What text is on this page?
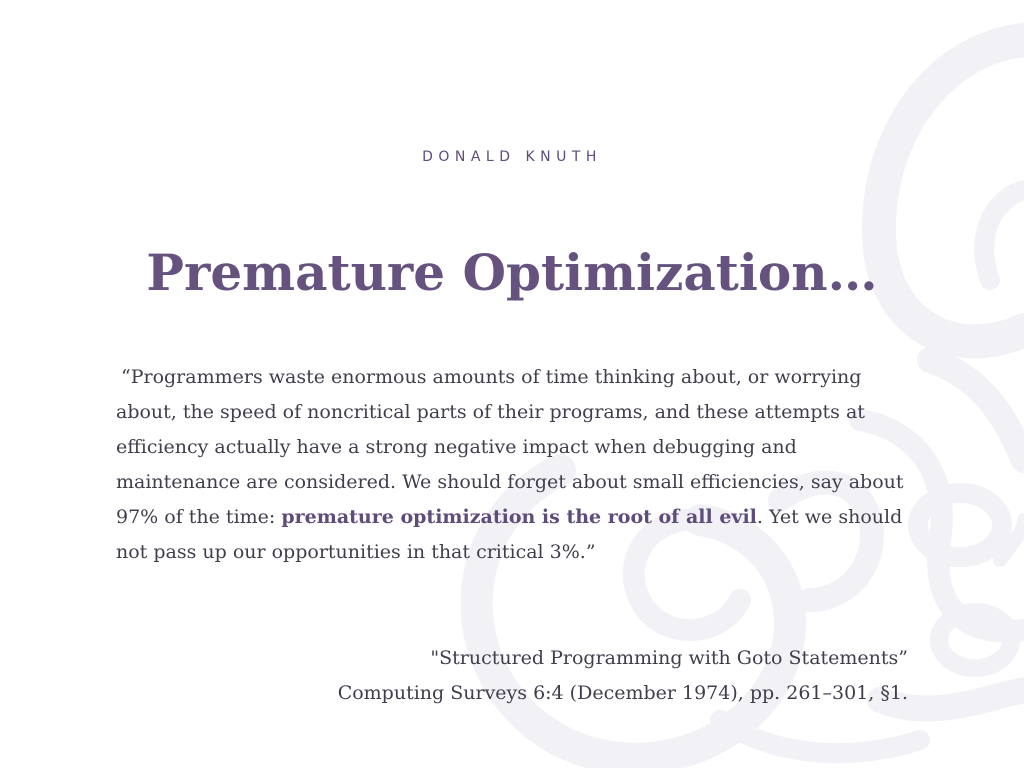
DONALD KNUTH
Premature Optimization…

“Programmers waste enormous amounts of time thinking about, or worrying about, the speed of noncritical parts of their programs, and these attempts at efficiency actually have a strong negative impact when debugging and maintenance are considered. We should forget about small efficiencies, say about 97% of the time: premature optimization is the root of all evil. Yet we should not pass up our opportunities in that critical 3%.”

"Structured Programming with Goto Statements”
Computing Surveys 6:4 (December 1974), pp. 261–301, §1.
